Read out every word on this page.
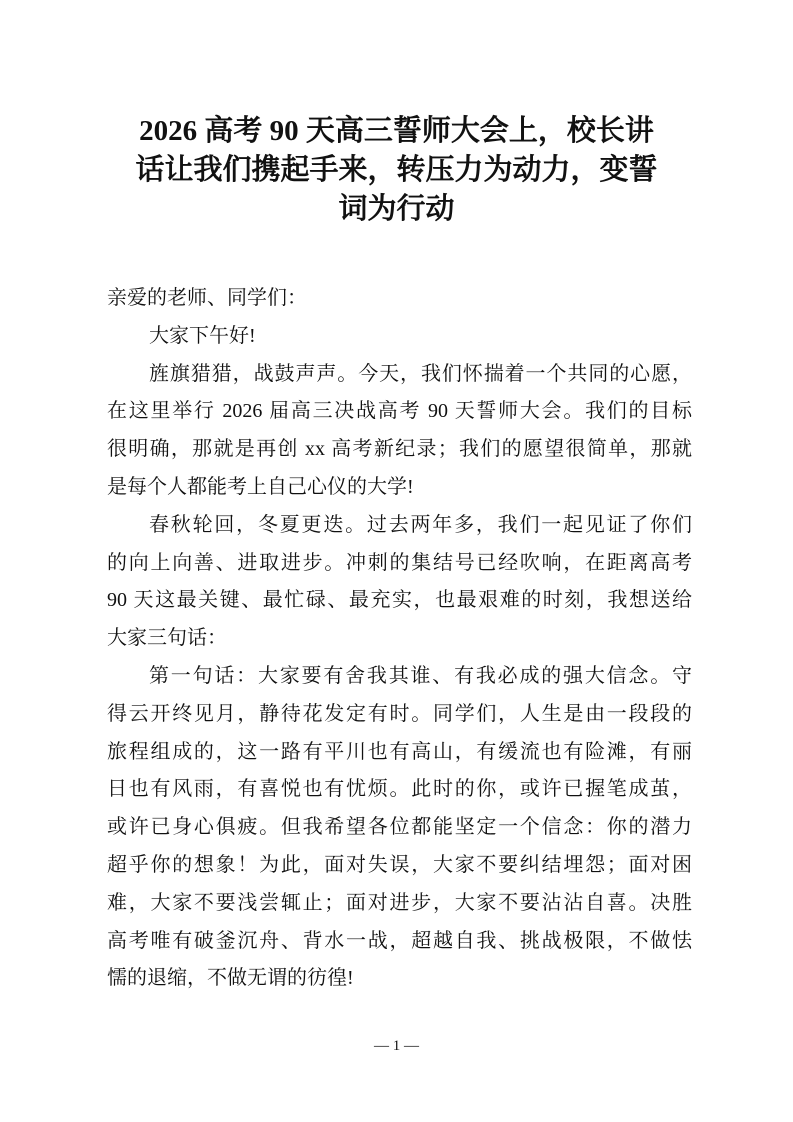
2026 高考 90 天高三誓师大会上，校长讲
话让我们携起手来，转压力为动力，变誓
词为行动
亲爱的老师、同学们：
大家下午好!
旌旗猎猎，战鼓声声。今天，我们怀揣着一个共同的心愿，
在这里举行 2026 届高三决战高考 90 天誓师大会。我们的目标
很明确，那就是再创 xx 高考新纪录；我们的愿望很简单，那就
是每个人都能考上自己心仪的大学!
春秋轮回，冬夏更迭。过去两年多，我们一起见证了你们
的向上向善、进取进步。冲刺的集结号已经吹响，在距离高考
90 天这最关键、最忙碌、最充实，也最艰难的时刻，我想送给
大家三句话：
第一句话：大家要有舍我其谁、有我必成的强大信念。守
得云开终见月，静待花发定有时。同学们，人生是由一段段的
旅程组成的，这一路有平川也有高山，有缓流也有险滩，有丽
日也有风雨，有喜悦也有忧烦。此时的你，或许已握笔成茧，
或许已身心俱疲。但我希望各位都能坚定一个信念：你的潜力
超乎你的想象！为此，面对失误，大家不要纠结埋怨；面对困
难，大家不要浅尝辄止；面对进步，大家不要沾沾自喜。决胜
高考唯有破釜沉舟、背水一战，超越自我、挑战极限，不做怯
懦的退缩，不做无谓的彷徨!
— 1 —
